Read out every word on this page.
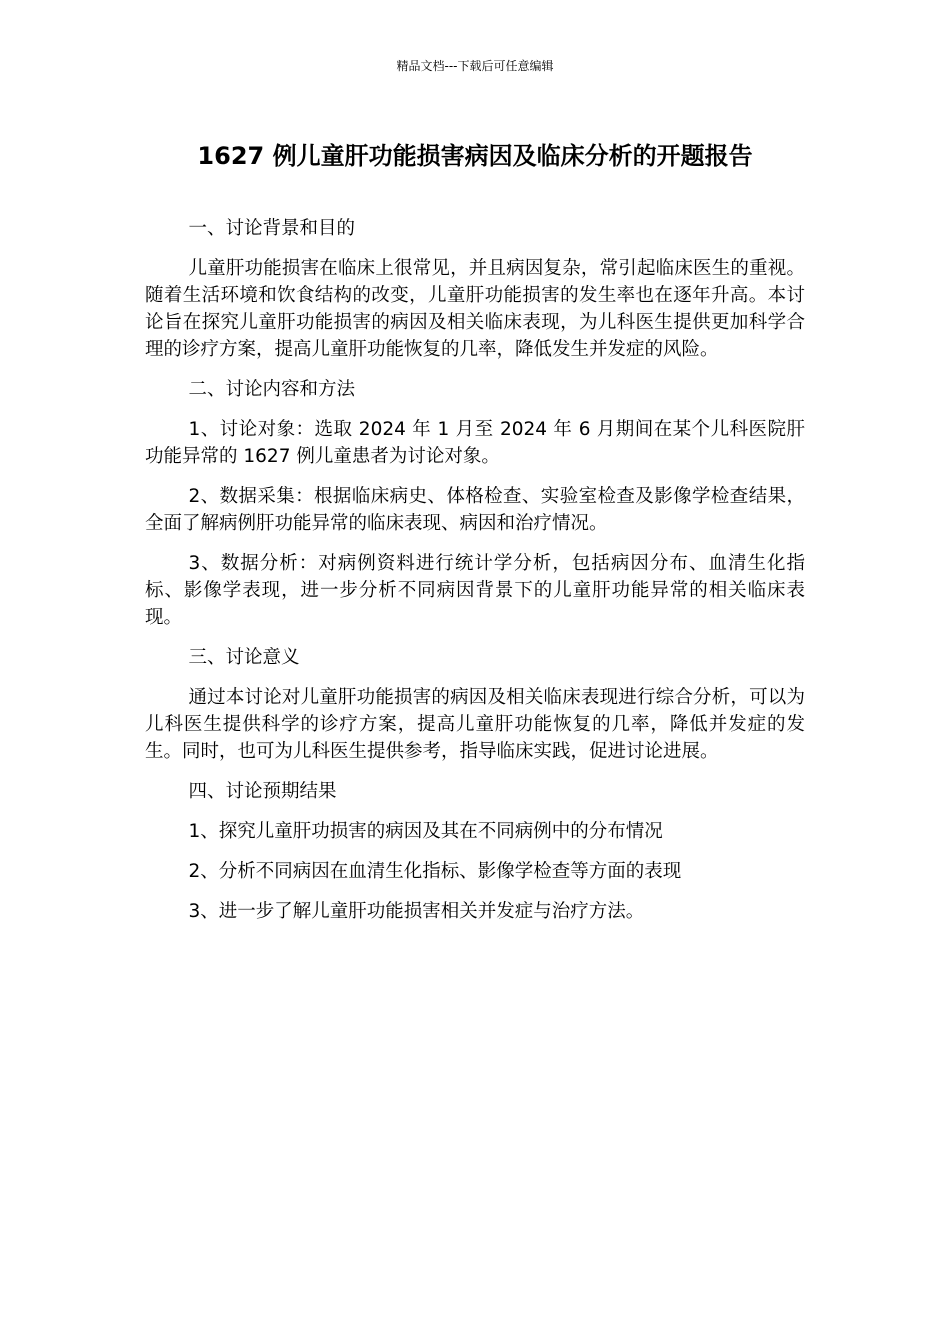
精品文档---下载后可任意编辑
1627 例儿童肝功能损害病因及临床分析的开题报告

一、讨论背景和目的

儿童肝功能损害在临床上很常见，并且病因复杂，常引起临床医生的重视。随着生活环境和饮食结构的改变，儿童肝功能损害的发生率也在逐年升高。本讨论旨在探究儿童肝功能损害的病因及相关临床表现，为儿科医生提供更加科学合理的诊疗方案，提高儿童肝功能恢复的几率，降低发生并发症的风险。

二、讨论内容和方法

1、讨论对象：选取 2024 年 1 月至 2024 年 6 月期间在某个儿科医院肝功能异常的 1627 例儿童患者为讨论对象。

2、数据采集：根据临床病史、体格检查、实验室检查及影像学检查结果，全面了解病例肝功能异常的临床表现、病因和治疗情况。

3、数据分析：对病例资料进行统计学分析，包括病因分布、血清生化指标、影像学表现，进一步分析不同病因背景下的儿童肝功能异常的相关临床表现。

三、讨论意义

通过本讨论对儿童肝功能损害的病因及相关临床表现进行综合分析，可以为儿科医生提供科学的诊疗方案，提高儿童肝功能恢复的几率，降低并发症的发生。同时，也可为儿科医生提供参考，指导临床实践，促进讨论进展。

四、讨论预期结果

1、探究儿童肝功损害的病因及其在不同病例中的分布情况

2、分析不同病因在血清生化指标、影像学检查等方面的表现

3、进一步了解儿童肝功能损害相关并发症与治疗方法。
